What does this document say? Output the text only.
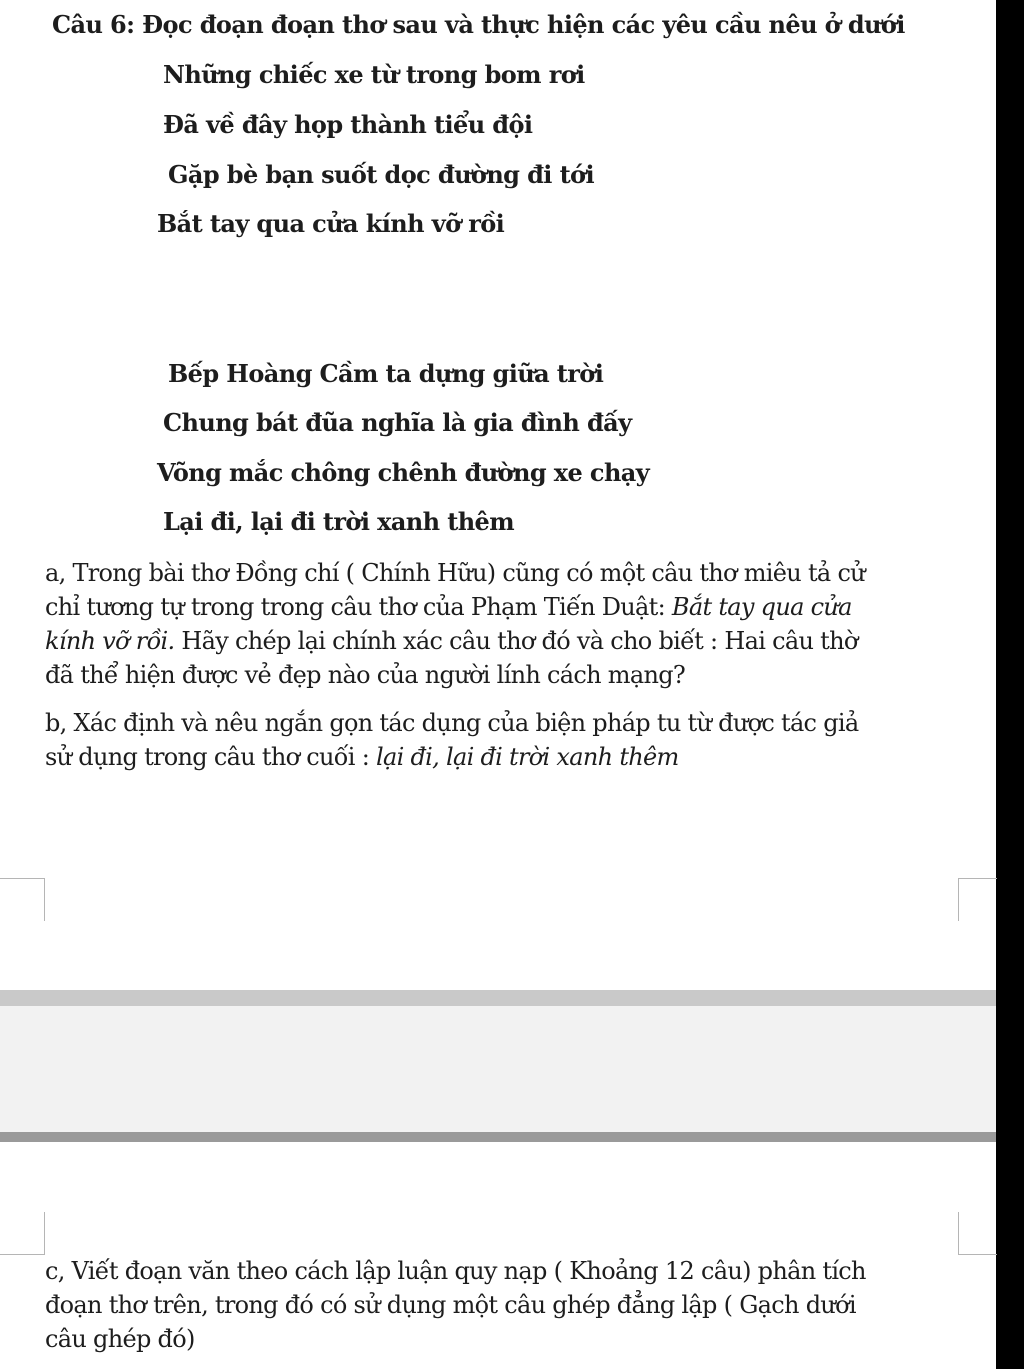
Câu 6: Đọc đoạn đoạn thơ sau và thực hiện các yêu cầu nêu ở dưới
Những chiếc xe từ trong bom rơi
Đã về đây họp thành tiểu đội
Gặp bè bạn suốt dọc đường đi tới
Bắt tay qua cửa kính vỡ rồi
Bếp Hoàng Cầm ta dựng giữa trời
Chung bát đũa nghĩa là gia đình đấy
Võng mắc chông chênh đường xe chạy
Lại đi, lại đi trời xanh thêm
a, Trong bài thơ Đồng chí ( Chính Hữu) cũng có một câu thơ miêu tả cử
chỉ tương tự trong trong câu thơ của Phạm Tiến Duật: Bắt tay qua cửa
kính vỡ rồi. Hãy chép lại chính xác câu thơ đó và cho biết : Hai câu thờ
đã thể hiện được vẻ đẹp nào của người lính cách mạng?
b, Xác định và nêu ngắn gọn tác dụng của biện pháp tu từ được tác giả
sử dụng trong câu thơ cuối : lại đi, lại đi trời xanh thêm
c, Viết đoạn văn theo cách lập luận quy nạp ( Khoảng 12 câu) phân tích
đoạn thơ trên, trong đó có sử dụng một câu ghép đẳng lập ( Gạch dưới
câu ghép đó)
